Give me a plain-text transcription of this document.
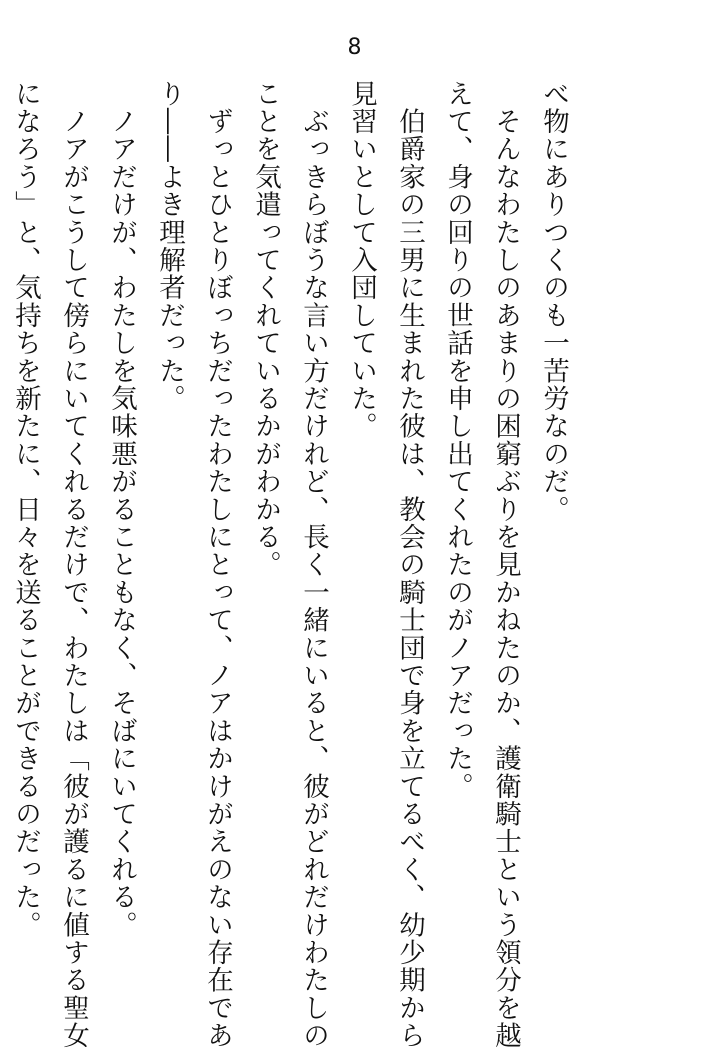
8

べ物にありつくのも一苦労なのだ。

　そんなわたしのあまりの困窮ぶりを見かねたのか、護衛騎士という領分を越

えて、身の回りの世話を申し出てくれたのがノアだった。

　伯爵家の三男に生まれた彼は、教会の騎士団で身を立てるべく、幼少期から

見習いとして入団していた。

　ぶっきらぼうな言い方だけれど、長く一緒にいると、彼がどれだけわたしの

ことを気遣ってくれているかがわかる。

　ずっとひとりぼっちだったわたしにとって、ノアはかけがえのない存在であ

り――よき理解者だった。

　ノアだけが、わたしを気味悪がることもなく、そばにいてくれる。

　ノアがこうして傍らにいてくれるだけで、わたしは「彼が護るに値する聖女

になろう」と、気持ちを新たに、日々を送ることができるのだった。
